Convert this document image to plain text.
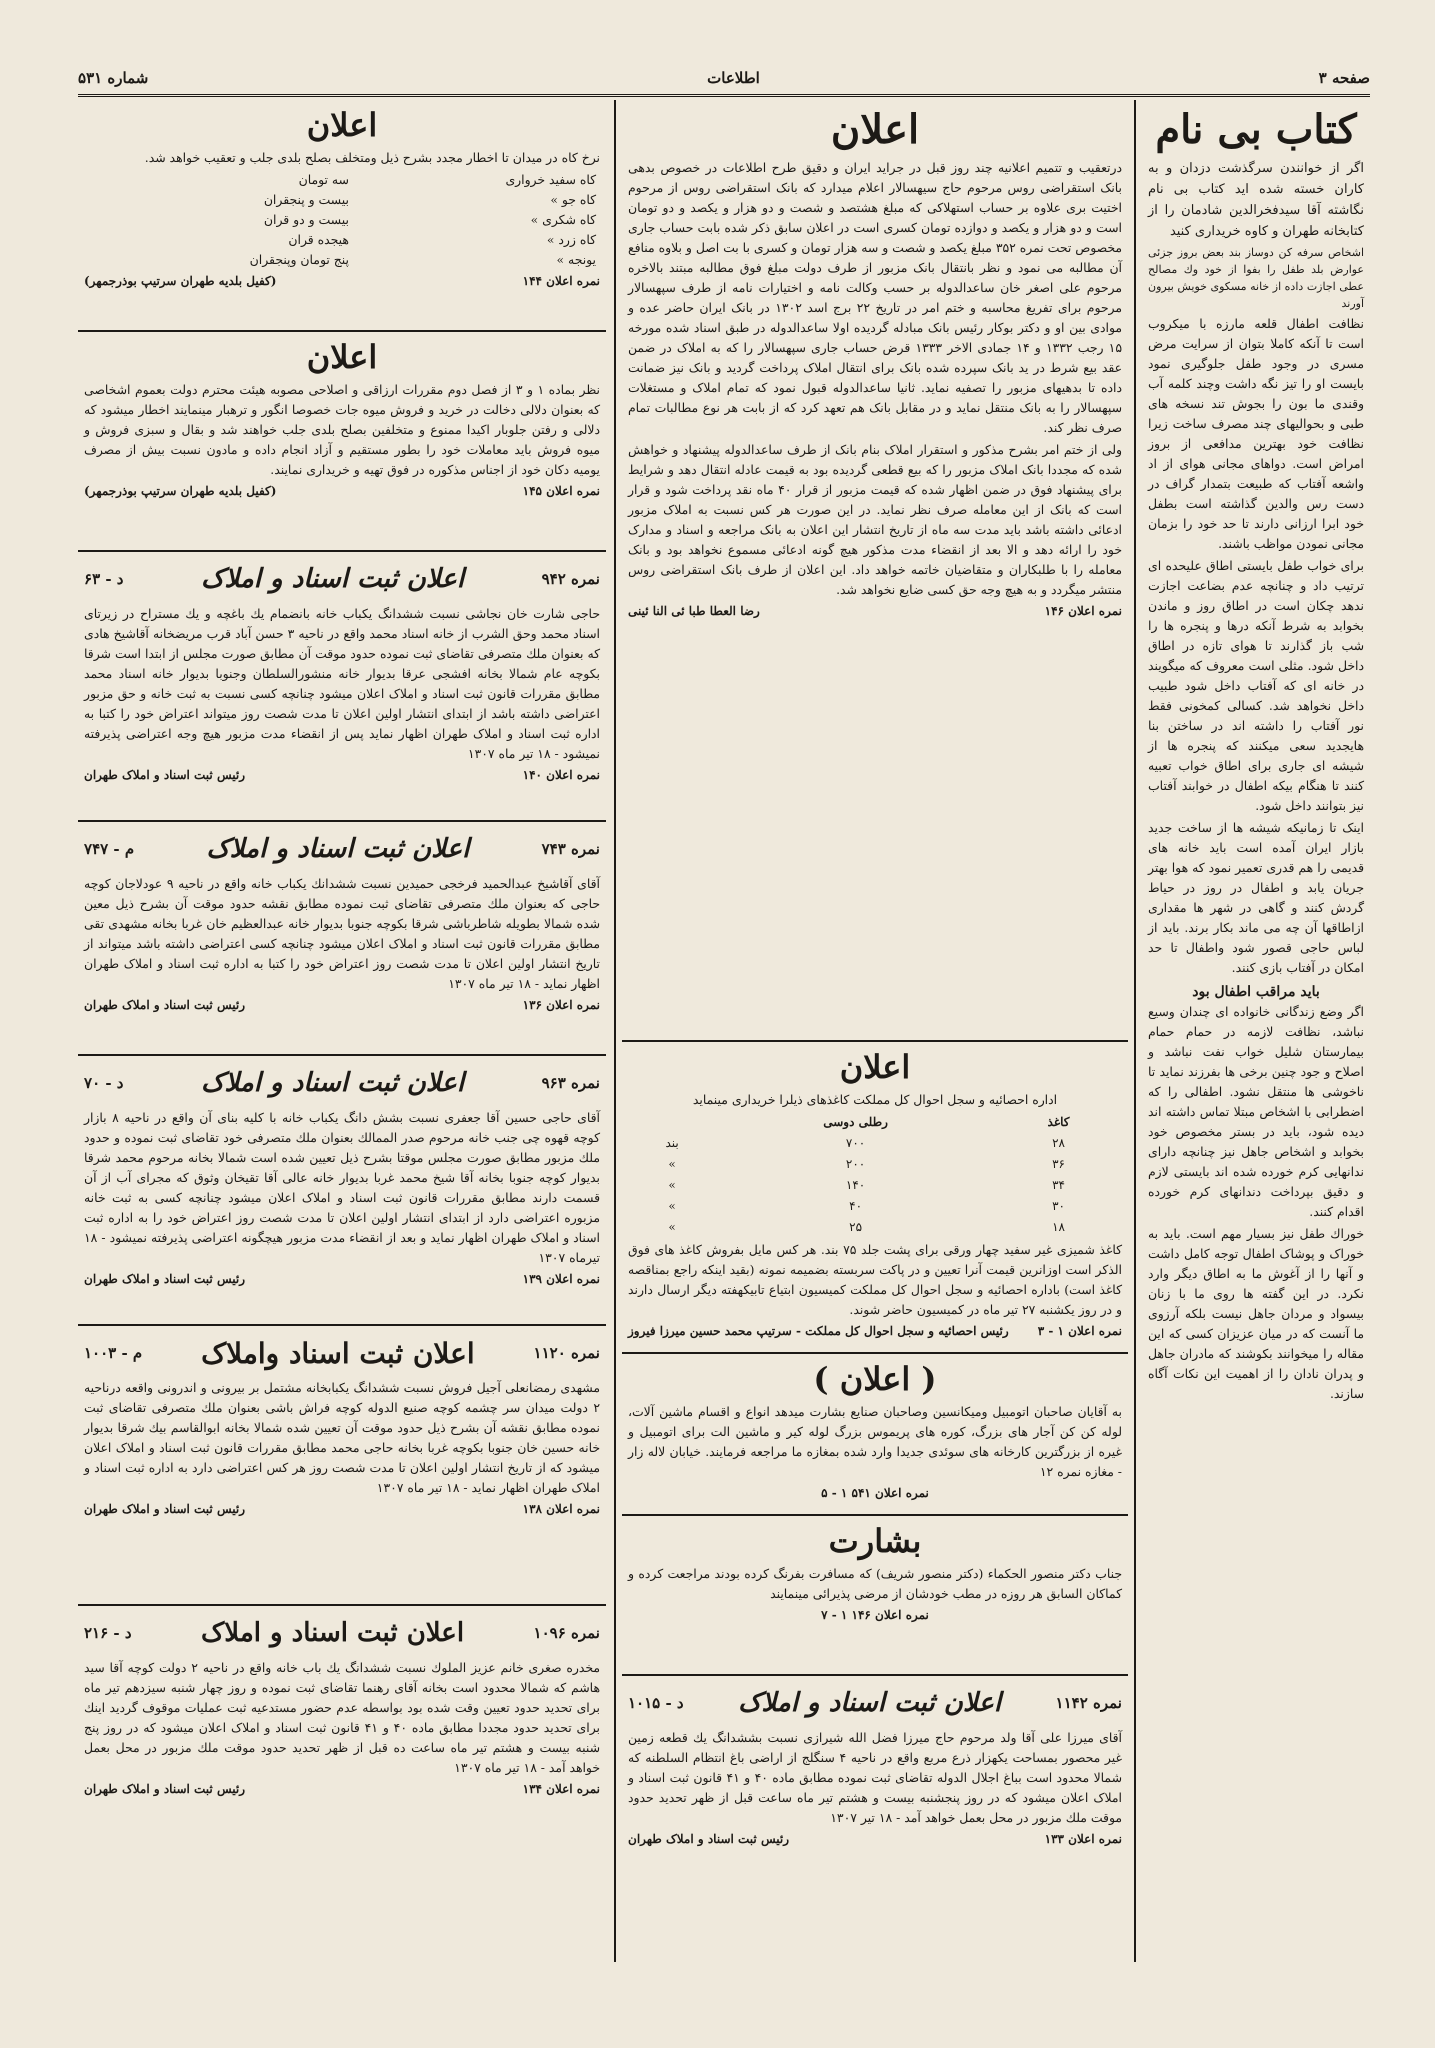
صفحه ۳
اطلاعات
شماره ۵۳۱
کتاب بی نام

اگر از خوانندن سرگذشت دزدان و به کاران خسته شده اید کتاب بی نام نگاشته آقا سیدفخرالدین شادمان را از کتابخانه طهران و کاوه خریداری کنید

اشخاص سرفه کن دوساز بند بعض بروز جزئی عوارض بلد طفل را بفوا از خود وك مصالح عطی اجازت داده از خانه مسکوی خویش بیرون آورند

نظافت اطفال قلعه مارزه با میکروب است تا آنکه کاملا بتوان از سرایت مرض مسری در وجود طفل جلوگیری نمود بایست او را تیز نگه داشت وچند کلمه آب وقندی ما بون را بجوش تند نسخه های طبی و بحوالیهای چند مصرف ساخت زیرا نظافت خود بهترین مدافعی از بروز امراض است. دواهای مجانی هوای از اد واشعه آفتاب که طبیعت بتمدار گراف در دست رس والدین گذاشته است بطفل خود ابرا ارزانی دارند تا حد خود را بزمان مجانی نمودن مواظب باشند.

برای خواب طفل بایستی اطاق علیحده ای ترتیب داد و چنانچه عدم بضاعت اجازت ندهد چکان است در اطاق روز و ماندن بخوابد به شرط آنکه درها و پنجره ها را شب باز گذارند تا هوای تازه در اطاق داخل شود. مثلی است معروف که میگویند در خانه ای که آفتاب داخل شود طبیب داخل نخواهد شد. کسالی کمخونی فقط نور آفتاب را داشته اند در ساختن بنا هایجدید سعی میکنند که پنجره ها از شیشه ای جاری برای اطاق خواب تعبیه کنند تا هنگام بیکه اطفال در خوابند آفتاب نیز بتوانند داخل شود.

اینک تا زمانیکه شیشه ها از ساخت جدید بازار ایران آمده است باید خانه های قدیمی را هم قدری تعمیر نمود که هوا بهتر جریان یابد و اطفال در روز در حیاط گردش کنند و گاهی در شهر ها مقداری ازاطاقها آن چه می ماند بکار برند. باید از لباس حاجی قصور شود واطفال تا حد امکان در آفتاب بازی کنند.

باید مراقب اطفال بود

اگر وضع زندگانی خانواده ای چندان وسیع نباشد، نظافت لازمه در حمام حمام بیمارستان شلیل خواب نفت نباشد و اصلاح و جود چنین برخی ها بفرزند نماید تا ناخوشی ها منتقل نشود. اطفالی را که اضطرابی با اشخاص مبتلا تماس داشته اند دیده شود، باید در بستر مخصوص خود بخوابد و اشخاص جاهل نیز چنانچه دارای ندانهایی کرم خورده شده اند بایستی لازم و دقیق بپرداخت دندانهای کرم خورده اقدام کنند.

خوراك طفل نیز بسیار مهم است. باید به خوراک و پوشاک اطفال توجه کامل داشت و آنها را از آغوش ما به اطاق دیگر وارد نکرد. در این گفته ها روی ما با زنان بیسواد و مردان جاهل نیست بلکه آرزوی ما آنست که در میان عزیزان کسی که این مقاله را میخوانند بکوشند که مادران جاهل و پدران نادان را از اهمیت این نکات آگاه سازند.

اعلان

درتعقیب و تتمیم اعلانیه چند روز قبل در جراید ایران و دقیق طرح اطلاعات در خصوص بدهی بانک استقراضی روس مرحوم حاج سیهسالار اعلام میدارد که بانک استقراضی روس از مرحوم اختیت بری علاوه بر حساب استهلاکی که مبلغ هشتصد و شصت و دو هزار و یکصد و دو تومان است و دو هزار و یکصد و دوازده تومان کسری است در اعلان سابق ذکر شده بابت حساب جاری مخصوص تحت نمره ۳۵۲ مبلغ یکصد و شصت و سه هزار تومان و کسری با بت اصل و بلاوه منافع آن مطالبه می نمود و نظر بانتقال بانک مزبور از طرف دولت مبلغ فوق مطالبه مبتند بالاخره مرحوم علی اصغر خان ساعدالدوله بر حسب وکالت نامه و اختیارات نامه از طرف سپهسالار مرحوم برای تفریغ محاسبه و ختم امر در تاریخ ۲۲ برج اسد ۱۳۰۲ در بانک ایران حاضر عده و موادی بین او و دکتر بوکار رئیس بانک مبادله گردیده اولا ساعدالدوله در طبق اسناد شده مورخه ۱۵ رجب ۱۳۳۲ و ۱۴ جمادی الاخر ۱۳۳۳ قرض حساب جاری سپهسالار را که به املاک در ضمن عقد بیع شرط در ید بانک سپرده شده بانک برای انتقال املاک پرداخت گردید و بانک نیز ضمانت داده تا بدهیهای مزبور را تصفیه نماید. ثانیا ساعدالدوله قبول نمود که تمام املاک و مستغلات سپهسالار را به بانک منتقل نماید و در مقابل بانک هم تعهد کرد که از بابت هر نوع مطالبات تمام صرف نظر کند.

ولی از ختم امر بشرح مذکور و استقرار املاک بنام بانک از طرف ساعدالدوله پیشنهاد و خواهش شده که مجددا بانک املاک مزبور را که بیع قطعی گردیده بود به قیمت عادله انتقال دهد و شرایط برای پیشنهاد فوق در ضمن اظهار شده که قیمت مزبور از قرار ۴۰ ماه نقد پرداخت شود و قرار است که بانک از این معامله صرف نظر نماید. در این صورت هر کس نسبت به املاک مزبور ادعائی داشته باشد باید مدت سه ماه از تاریخ انتشار این اعلان به بانک مراجعه و اسناد و مدارک خود را ارائه دهد و الا بعد از انقضاء مدت مذکور هیچ گونه ادعائی مسموع نخواهد بود و بانک معامله را با طلبکاران و متقاضیان خاتمه خواهد داد. این اعلان از طرف بانک استقراضی روس منتشر میگردد و به هیچ وجه حق کسی ضایع نخواهد شد.

نمره اعلان ۱۴۶
رضا العطا طبا ئی النا ئینی
اعلان

اداره احصائیه و سجل احوال کل مملکت کاغذهای ذیلرا خریداری مینماید

کاغذ	رطلی دوسی	
۲۸	۷۰۰	بند
۳۶	۲۰۰	»
۳۴	۱۴۰	»
۳۰	۴۰	»
۱۸	۲۵	»

کاغذ شمیزی غیر سفید چهار ورقی برای پشت جلد ۷۵ بند. هر کس مایل بفروش کاغذ های فوق الذکر است اوزانرین قیمت آنرا تعیین و در پاکت سربسته بضمیمه نمونه (بقید اینکه راجع بمناقصه کاغذ است) باداره احصائیه و سجل احوال کل مملکت کمیسیون ابتیاع تابیکهفته دیگر ارسال دارند و در روز یکشنبه ۲۷ تیر ماه در کمیسیون حاضر شوند.

نمره اعلان ۱ - ۳
رئیس احصائیه و سجل احوال کل مملکت - سرتیپ محمد حسین میرزا فیروز
( اعلان )

به آقایان صاحبان اتومبیل ومیکانسین وصاحبان صنایع بشارت میدهد انواع و اقسام ماشین آلات، لوله کن کن آجار های بزرگ، کوره های پریموس بزرگ لوله کیر و ماشین الت برای اتومبیل و غیره از بزرگترین کارخانه های سوئدی جدیدا وارد شده بمغازه ما مراجعه فرمایند. خیابان لاله زار - مغازه نمره ۱۲

نمره اعلان ۵۴۱ ۱ - ۵
بشارت

جناب دکتر منصور الحکماء (دکتر منصور شریف) که مسافرت بفرنگ کرده بودند مراجعت کرده و کماکان السابق هر روزه در مطب خودشان از مرضی پذیرائی مینمایند

نمره اعلان ۱۴۶ ۱ - ۷
نمره ۱۱۴۲
اعلان ثبت اسناد و املاک
د - ۱۰۱۵

آقای میرزا علی آقا ولد مرحوم حاج میرزا فضل الله شیرازی نسبت بششدانگ یك قطعه زمین غیر محصور بمساحت یکهزار ذرع مربع واقع در ناحیه ۴ سنگلج از اراضی باغ انتظام السلطنه که شمالا محدود است بباغ اجلال الدوله تقاضای ثبت نموده مطابق ماده ۴۰ و ۴۱ قانون ثبت اسناد و املاک اعلان میشود که در روز پنجشنبه بیست و هشتم تیر ماه ساعت قبل از ظهر تحدید حدود موقت ملك مزبور در محل بعمل خواهد آمد - ۱۸ تیر ۱۳۰۷

نمره اعلان ۱۳۳
رئیس ثبت اسناد و املاک طهران
اعلان

نرخ کاه در میدان تا اخطار مجدد بشرح ذیل ومتخلف بصلح بلدی جلب و تعقیب خواهد شد.

کاه سفید خرواری	سه تومان
کاه جو »	بیست و پنجقران
کاه شکری »	بیست و دو قران
کاه زرد »	هیجده قران
یونجه »	پنج تومان وپنجقران
نمره اعلان ۱۴۴
(کفیل بلدیه طهران سرتیپ بوذرجمهر)
اعلان

نظر بماده ۱ و ۳ از فصل دوم مقررات ارزاقی و اصلاحی مصوبه هیئت محترم دولت بعموم اشخاصی که بعنوان دلالی دخالت در خرید و فروش میوه جات خصوصا انگور و ترهبار مینمایند اخطار میشود که دلالی و رفتن جلوبار اکیدا ممنوع و متخلفین بصلح بلدی جلب خواهند شد و بقال و سبزی فروش و میوه فروش باید معاملات خود را بطور مستقیم و آزاد انجام داده و مادون نسبت بیش از مصرف یومیه دکان خود از اجناس مذکوره در فوق تهیه و خریداری نمایند.

نمره اعلان ۱۴۵
(کفیل بلدیه طهران سرتیپ بوذرجمهر)
نمره ۹۴۲
اعلان ثبت اسناد و املاک
د - ۶۳

حاجی شارت خان نجاشی نسبت ششدانگ یکباب خانه بانضمام یك باغچه و یك مستراح در زیرتای اسناد محمد وحق الشرب از خانه اسناد محمد واقع در ناحیه ۳ حسن آباد قرب مریضخانه آقاشیخ هادی که بعنوان ملك متصرفی تقاضای ثبت نموده حدود موقت آن مطابق صورت مجلس از ابتدا است شرقا بکوچه عام شمالا بخانه افشجی عرقا بدیوار خانه منشورالسلطان وجنوبا بدیوار خانه اسناد محمد مطابق مقررات قانون ثبت اسناد و املاک اعلان میشود چنانچه کسی نسبت به ثبت خانه و حق مزبور اعتراضی داشته باشد از ابتدای انتشار اولین اعلان تا مدت شصت روز میتواند اعتراض خود را کتبا به اداره ثبت اسناد و املاک طهران اظهار نماید پس از انقضاء مدت مزبور هیچ وجه اعتراضی پذیرفته نمیشود - ۱۸ تیر ماه ۱۳۰۷

نمره اعلان ۱۴۰
رئیس ثبت اسناد و املاک طهران
نمره ۷۴۳
اعلان ثبت اسناد و املاک
م - ۷۴۷

آقای آقاشیخ عبدالحمید فرخجی حمیدین نسبت ششدانك یکباب خانه واقع در ناحیه ۹ عودلاجان کوچه حاجی که بعنوان ملك متصرفی تقاضای ثبت نموده مطابق نقشه حدود موقت آن بشرح ذیل معین شده شمالا بطویله شاطرباشی شرقا بکوچه جنوبا بدیوار خانه عبدالعظیم خان غربا بخانه مشهدی تقی مطابق مقررات قانون ثبت اسناد و املاک اعلان میشود چنانچه کسی اعتراضی داشته باشد میتواند از تاریخ انتشار اولین اعلان تا مدت شصت روز اعتراض خود را کتبا به اداره ثبت اسناد و املاک طهران اظهار نماید - ۱۸ تیر ماه ۱۳۰۷

نمره اعلان ۱۳۶
رئیس ثبت اسناد و املاک طهران
نمره ۹۶۳
اعلان ثبت اسناد و املاک
د - ۷۰

آقای حاجی حسین آقا جعفری نسبت بشش دانگ یکباب خانه با کلیه بنای آن واقع در ناحیه ۸ بازار کوچه قهوه چی جنب خانه مرحوم صدر الممالك بعنوان ملك متصرفی خود تقاضای ثبت نموده و حدود ملك مزبور مطابق صورت مجلس موقتا بشرح ذیل تعیین شده است شمالا بخانه مرحوم محمد شرقا بدیوار کوچه جنوبا بخانه آقا شیخ محمد غربا بدیوار خانه عالی آقا تقیخان وثوق که مجرای آب از آن قسمت دارند مطابق مقررات قانون ثبت اسناد و املاک اعلان میشود چنانچه کسی به ثبت خانه مزبوره اعتراضی دارد از ابتدای انتشار اولین اعلان تا مدت شصت روز اعتراض خود را به اداره ثبت اسناد و املاک طهران اظهار نماید و بعد از انقضاء مدت مزبور هیچگونه اعتراضی پذیرفته نمیشود - ۱۸ تیرماه ۱۳۰۷

نمره اعلان ۱۳۹
رئیس ثبت اسناد و املاک طهران
نمره ۱۱۲۰
اعلان ثبت اسناد واملاک
م - ۱۰۰۳

مشهدی رمضانعلی آجیل فروش نسبت ششدانگ یکبابخانه مشتمل بر بیرونی و اندرونی واقعه درناحیه ۲ دولت میدان سر چشمه کوچه صنیع الدوله کوچه فراش باشی بعنوان ملك متصرفی تقاضای ثبت نموده مطابق نقشه آن بشرح ذیل حدود موقت آن تعیین شده شمالا بخانه ابوالقاسم بیك شرقا بدیوار خانه حسین خان جنوبا بکوچه غربا بخانه حاجی محمد مطابق مقررات قانون ثبت اسناد و املاک اعلان میشود که از تاریخ انتشار اولین اعلان تا مدت شصت روز هر کس اعتراضی دارد به اداره ثبت اسناد و املاک طهران اظهار نماید - ۱۸ تیر ماه ۱۳۰۷

نمره اعلان ۱۳۸
رئیس ثبت اسناد و املاک طهران
نمره ۱۰۹۶
اعلان ثبت اسناد و املاک
د - ۲۱۶

مخدره صغری خانم عزیز الملوك نسبت ششدانگ یك باب خانه واقع در ناحیه ۲ دولت کوچه آقا سید هاشم که شمالا محدود است بخانه آقای رهنما تقاضای ثبت نموده و روز چهار شنبه سیزدهم تیر ماه برای تحدید حدود تعیین وقت شده بود بواسطه عدم حضور مستدعیه ثبت عملیات موقوف گردید اینك برای تحدید حدود مجددا مطابق ماده ۴۰ و ۴۱ قانون ثبت اسناد و املاک اعلان میشود که در روز پنج شنبه بیست و هشتم تیر ماه ساعت ده قبل از ظهر تحدید حدود موقت ملك مزبور در محل بعمل خواهد آمد - ۱۸ تیر ماه ۱۳۰۷

نمره اعلان ۱۳۴
رئیس ثبت اسناد و املاک طهران
